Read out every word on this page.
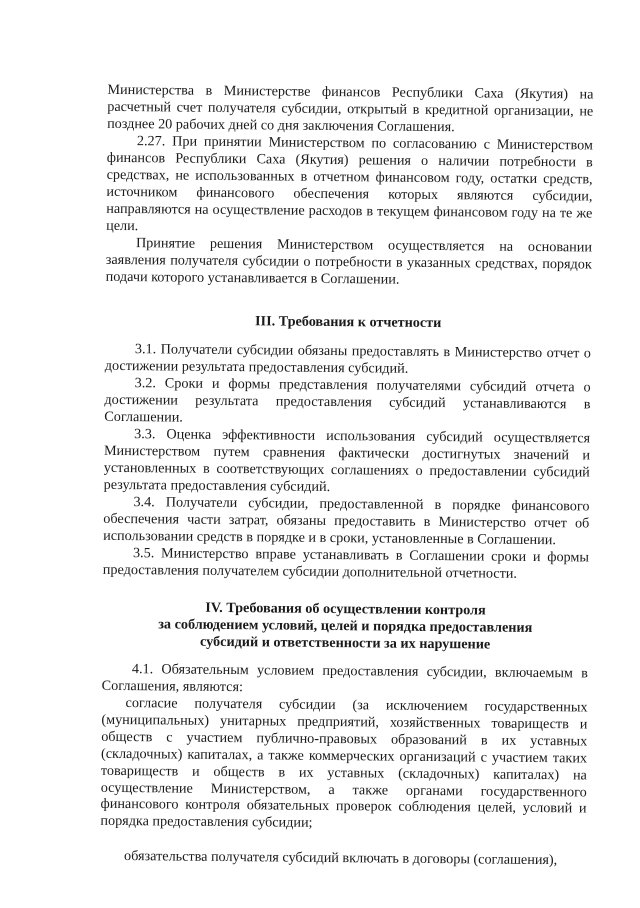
Министерства в Министерстве финансов Республики Саха (Якутия) на расчетный счет получателя субсидии, открытый в кредитной организации, не позднее 20 рабочих дней со дня заключения Соглашения.

2.27. При принятии Министерством по согласованию с Министерством финансов Республики Саха (Якутия) решения о наличии потребности в средствах, не использованных в отчетном финансовом году, остатки средств, источником финансового обеспечения которых являются субсидии, направляются на осуществление расходов в текущем финансовом году на те же цели.

Принятие решения Министерством осуществляется на основании заявления получателя субсидии о потребности в указанных средствах, порядок подачи которого устанавливается в Соглашении.

III. Требования к отчетности

3.1. Получатели субсидии обязаны предоставлять в Министерство отчет о достижении результата предоставления субсидий.

3.2. Сроки и формы представления получателями субсидий отчета о достижении результата предоставления субсидий устанавливаются в Соглашении.

3.3. Оценка эффективности использования субсидий осуществляется Министерством путем сравнения фактически достигнутых значений и установленных в соответствующих соглашениях о предоставлении субсидий результата предоставления субсидий.

3.4. Получатели субсидии, предоставленной в порядке финансового обеспечения части затрат, обязаны предоставить в Министерство отчет об использовании средств в порядке и в сроки, установленные в Соглашении.

3.5. Министерство вправе устанавливать в Соглашении сроки и формы предоставления получателем субсидии дополнительной отчетности.

IV. Требования об осуществлении контроля

за соблюдением условий, целей и порядка предоставления

субсидий и ответственности за их нарушение

4.1. Обязательным условием предоставления субсидии, включаемым в Соглашения, являются:

согласие получателя субсидии (за исключением государственных (муниципальных) унитарных предприятий, хозяйственных товариществ и обществ с участием публично-правовых образований в их уставных (складочных) капиталах, а также коммерческих организаций с участием таких товариществ и обществ в их уставных (складочных) капиталах) на осуществление Министерством, а также органами государственного финансового контроля обязательных проверок соблюдения целей, условий и порядка предоставления субсидии;

обязательства получателя субсидий включать в договоры (соглашения),
